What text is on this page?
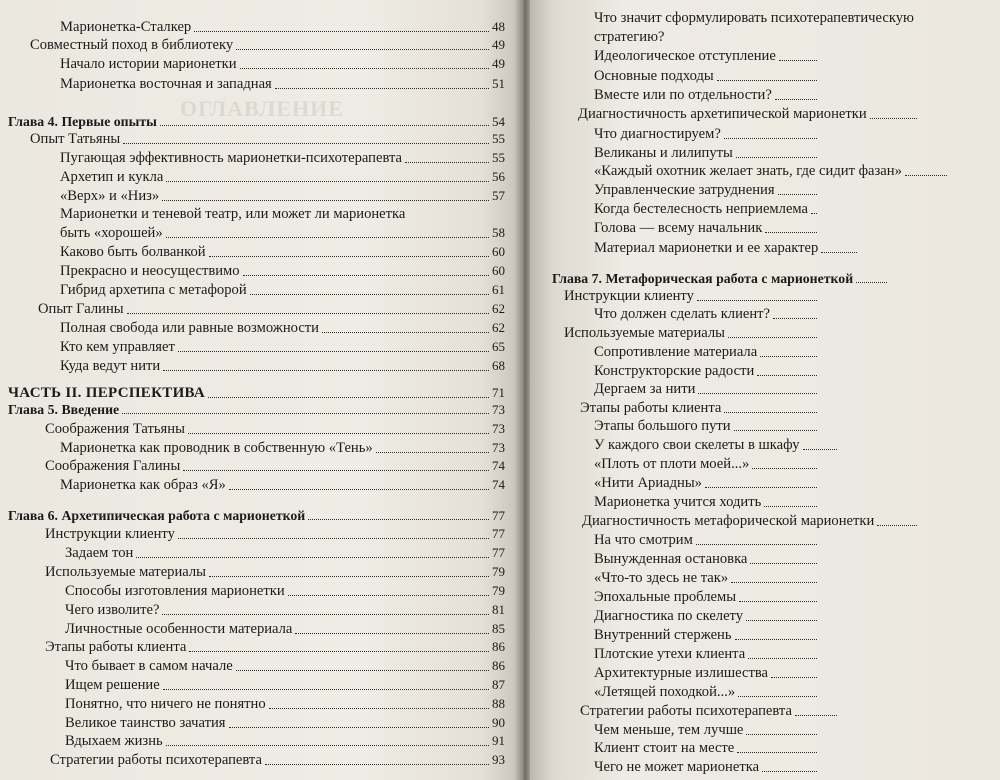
ОГЛАВЛЕНИЕ
Марионетка-Сталкер	48
Совместный поход в библиотеку	49
Начало истории марионетки	49
Марионетка восточная и западная	51
Глава 4. Первые опыты	54
Опыт Татьяны	55
Пугающая эффективность марионетки-психотерапевта	55
Архетип и кукла	56
«Верх» и «Низ»	57
Марионетки и теневой театр, или может ли марионетка
быть «хорошей»	58
Каково быть болванкой	60
Прекрасно и неосуществимо	60
Гибрид архетипа с метафорой	61
Опыт Галины	62
Полная свобода или равные возможности	62
Кто кем управляет	65
Куда ведут нити	68
ЧАСТЬ II. ПЕРСПЕКТИВА	71
Глава 5. Введение	73
Соображения Татьяны	73
Марионетка как проводник в собственную «Тень»	73
Соображения Галины	74
Марионетка как образ «Я»	74
Глава 6. Архетипическая работа с марионеткой	77
Инструкции клиенту	77
Задаем тон	77
Используемые материалы	79
Способы изготовления марионетки	79
Чего изволите?	81
Личностные особенности материала	85
Этапы работы клиента	86
Что бывает в самом начале	86
Ищем решение	87
Понятно, что ничего не понятно	88
Великое таинство зачатия	90
Вдыхаем жизнь	91
Стратегии работы психотерапевта	93
Что значит сформулировать психотерапевтическую
стратегию?
Идеологическое отступление
Основные подходы
Вместе или по отдельности?
Диагностичность архетипической марионетки
Что диагностируем?
Великаны и лилипуты
«Каждый охотник желает знать, где сидит фазан»
Управленческие затруднения
Когда бестелесность неприемлема
Голова — всему начальник
Материал марионетки и ее характер
Глава 7. Метафорическая работа с марионеткой
Инструкции клиенту
Что должен сделать клиент?
Используемые материалы
Сопротивление материала
Конструкторские радости
Дергаем за нити
Этапы работы клиента
Этапы большого пути
У каждого свои скелеты в шкафу
«Плоть от плоти моей...»
«Нити Ариадны»
Марионетка учится ходить
Диагностичность метафорической марионетки
На что смотрим
Вынужденная остановка
«Что-то здесь не так»
Эпохальные проблемы
Диагностика по скелету
Внутренний стержень
Плотские утехи клиента
Архитектурные излишества
«Летящей походкой...»
Стратегии работы психотерапевта
Чем меньше, тем лучше
Клиент стоит на месте
Чего не может марионетка
